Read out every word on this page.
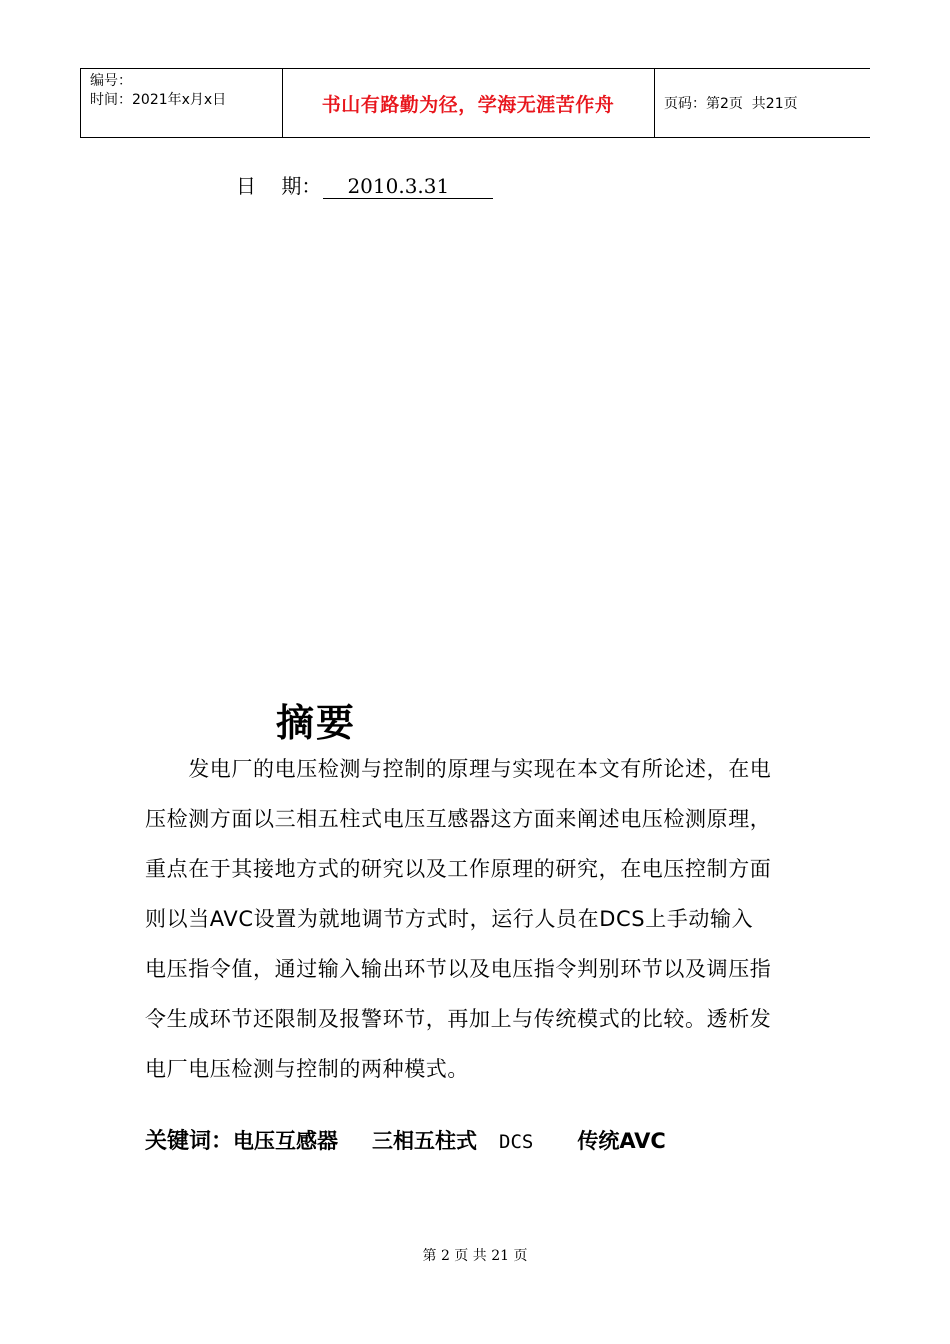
编号：
时间：2021年x月x日	书山有路勤为径，学海无涯苦作舟	页码：第2页  共21页
日    期：	2010.3.31
摘要
　　发电厂的电压检测与控制的原理与实现在本文有所论述，在电
压检测方面以三相五柱式电压互感器这方面来阐述电压检测原理，
重点在于其接地方式的研究以及工作原理的研究，在电压控制方面
则以当AVC设置为就地调节方式时，运行人员在DCS上手动输入
电压指令值，通过输入输出环节以及电压指令判别环节以及调压指
令生成环节还限制及报警环节，再加上与传统模式的比较。透析发
电厂电压检测与控制的两种模式。
关键词： 电压互感器 三相五柱式 DCS 传统AVC
第 2 页 共 21 页
